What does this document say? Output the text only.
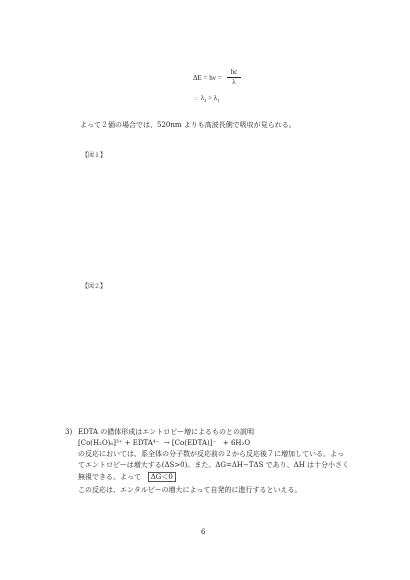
ΔE = hν =
hc
λ
∴ $\lambda_2 > \lambda_1$
よって２価の場合では、520nm よりも高波長側で吸収が見られる。
【図１】
【図２】
3) EDTA の錯体形成はエントロピー増によるものとの説明
[Co(H₂O)₆]³⁺ + EDTA⁴⁻ → [Co(EDTA)]⁻ + 6H₂O
の反応においては、系全体の分子数が反応前の２から反応後７に増加している。よっ
てエントロピーは増大する(ΔS>0)。また、ΔG=ΔH−TΔS であり、ΔH は十分小さく
無視できる。よって ΔG＜0
この反応は、エンタルピーの増大によって自発的に進行するといえる。
6
